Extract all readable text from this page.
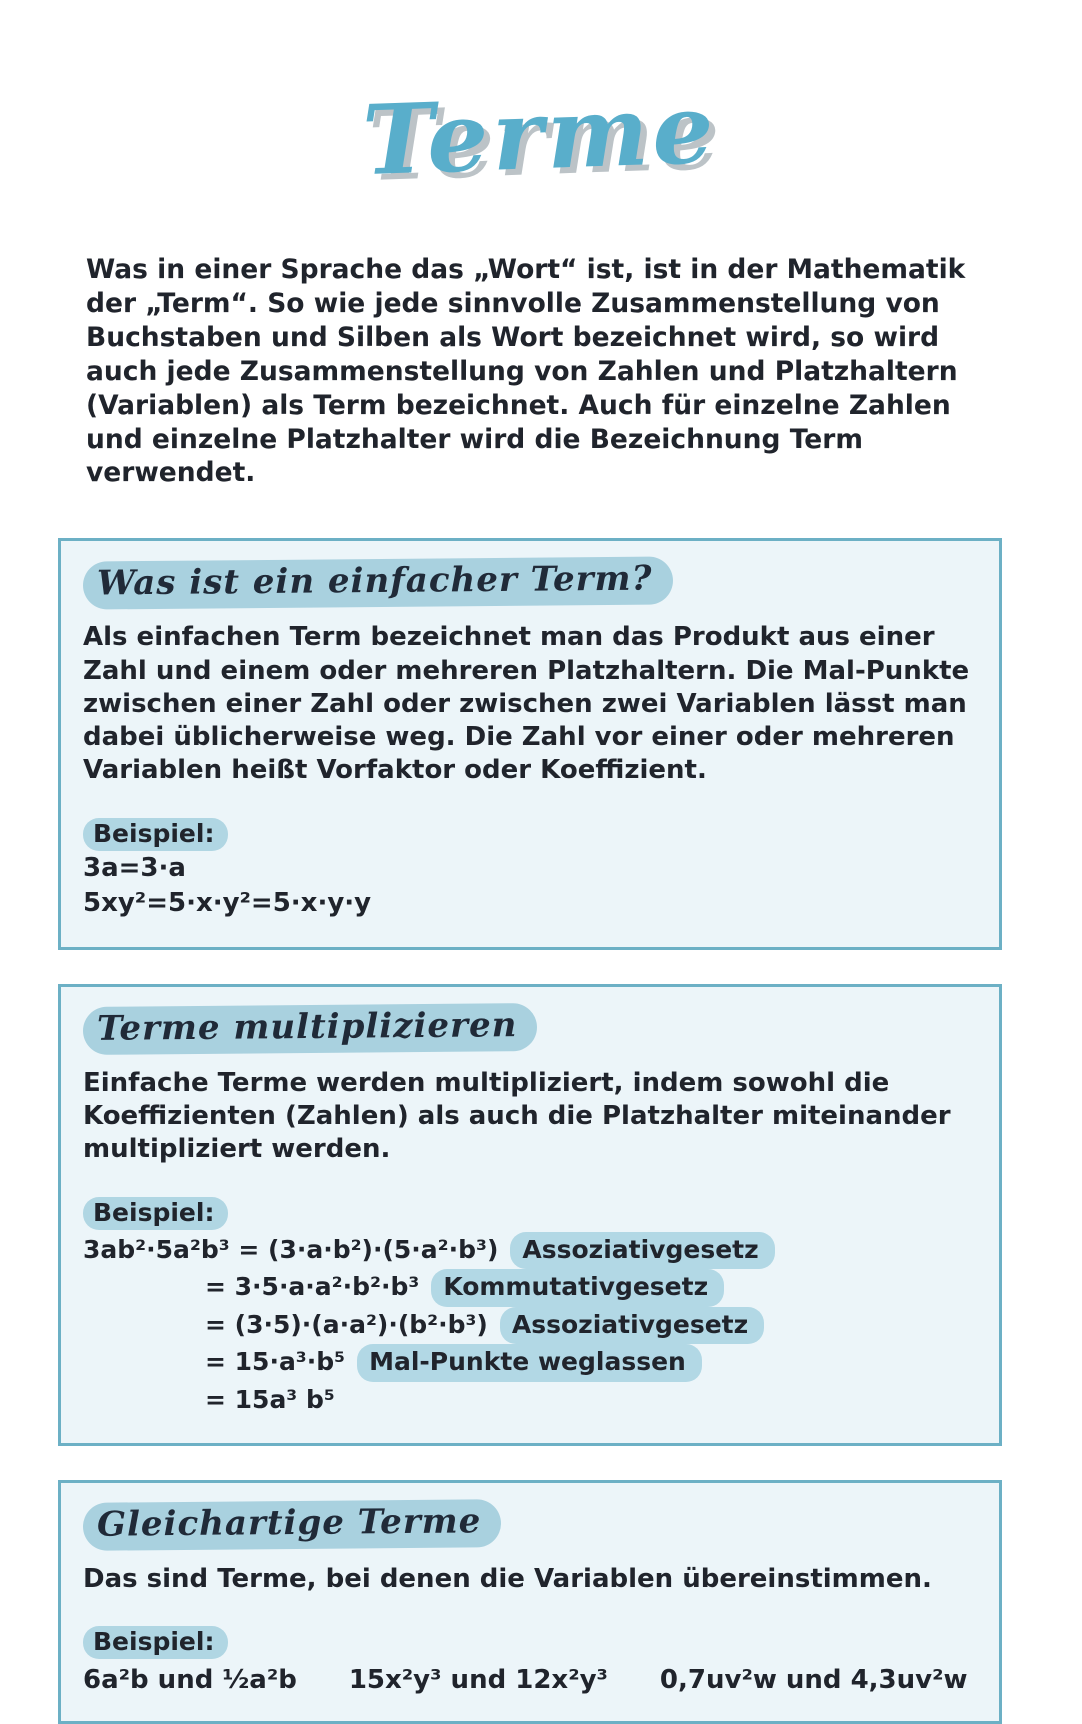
Terme

Was in einer Sprache das „Wort“ ist, ist in der Mathematik der „Term“. So wie jede sinnvolle Zusammenstellung von Buchstaben und Silben als Wort bezeichnet wird, so wird auch jede Zusammenstellung von Zahlen und Platzhaltern (Variablen) als Term bezeichnet. Auch für einzelne Zahlen und einzelne Platzhalter wird die Bezeichnung Term verwendet.

Was ist ein einfacher Term?
Als einfachen Term bezeichnet man das Produkt aus einer Zahl und einem oder mehreren Platzhaltern. Die Mal-Punkte zwischen einer Zahl oder zwischen zwei Variablen lässt man dabei üblicherweise weg. Die Zahl vor einer oder mehreren Variablen heißt Vorfaktor oder Koeffizient.
Beispiel:
3a=3·a
5xy²=5·x·y²=5·x·y·y
Terme multiplizieren
Einfache Terme werden multipliziert, indem sowohl die Koeffizienten (Zahlen) als auch die Platzhalter miteinander multipliziert werden.
Beispiel:
3ab²·5a²b³ = (3·a·b²)·(5·a²·b³) Assoziativgesetz
= 3·5·a·a²·b²·b³ Kommutativgesetz
= (3·5)·(a·a²)·(b²·b³) Assoziativgesetz
= 15·a³·b⁵ Mal-Punkte weglassen
= 15a³ b⁵
Gleichartige Terme
Das sind Terme, bei denen die Variablen übereinstimmen.
Beispiel:
6a²b und ½a²b 15x²y³ und 12x²y³ 0,7uv²w und 4,3uv²w
